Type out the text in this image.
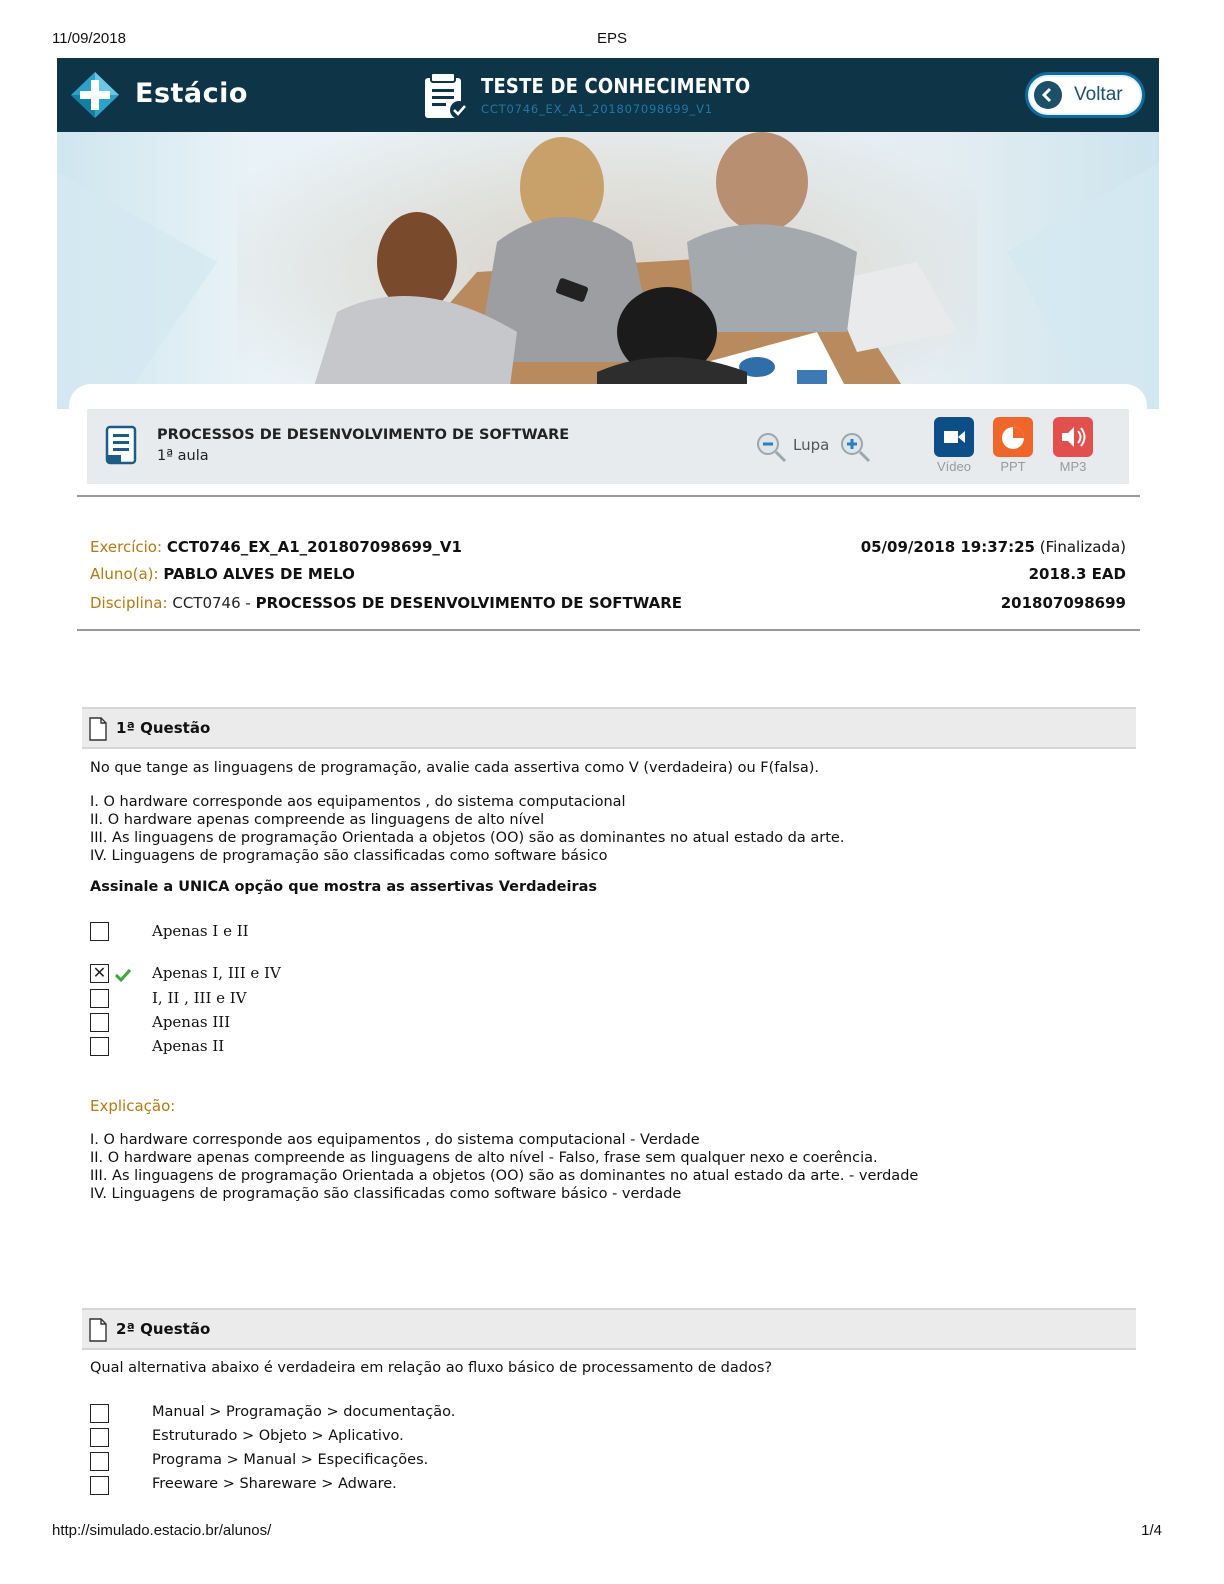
11/09/2018	EPS
Estácio	TESTE DE CONHECIMENTO
CCT0746_EX_A1_201807098699_V1
Voltar
PROCESSOS DE DESENVOLVIMENTO DE SOFTWARE
1ª aula
Lupa
Vídeo	PPT	MP3
Exercício: CCT0746_EX_A1_201807098699_V1	05/09/2018 19:37:25 (Finalizada)
Aluno(a): PABLO ALVES DE MELO	2018.3 EAD
Disciplina: CCT0746 - PROCESSOS DE DESENVOLVIMENTO DE SOFTWARE	201807098699
1ª Questão
No que tange as linguagens de programação, avalie cada assertiva como V (verdadeira) ou F(falsa).
I. O hardware corresponde aos equipamentos , do sistema computacional
II. O hardware apenas compreende as linguagens de alto nível
III. As linguagens de programação Orientada a objetos (OO) são as dominantes no atual estado da arte.
IV. Linguagens de programação são classificadas como software básico
Assinale a UNICA opção que mostra as assertivas Verdadeiras
Apenas I e II
✕	Apenas I, III e IV
I, II , III e IV
Apenas III
Apenas II
Explicação:
I. O hardware corresponde aos equipamentos , do sistema computacional - Verdade
II. O hardware apenas compreende as linguagens de alto nível - Falso, frase sem qualquer nexo e coerência.
III. As linguagens de programação Orientada a objetos (OO) são as dominantes no atual estado da arte. - verdade
IV. Linguagens de programação são classificadas como software básico - verdade
2ª Questão
Qual alternativa abaixo é verdadeira em relação ao fluxo básico de processamento de dados?
Manual > Programação > documentação.
Estruturado > Objeto > Aplicativo.
Programa > Manual > Especificações.
Freeware > Shareware > Adware.
http://simulado.estacio.br/alunos/	1/4
